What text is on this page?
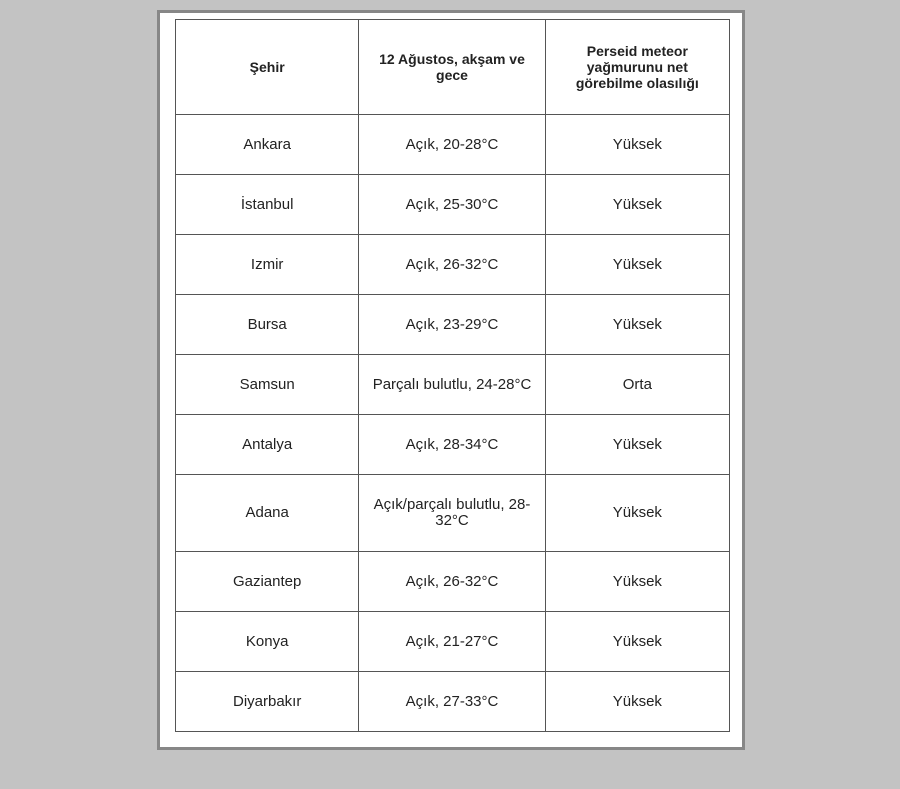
Şehir	12 Ağustos, akşam ve gece	Perseid meteor yağmurunu net görebilme olasılığı
Ankara	Açık, 20-28°C	Yüksek
İstanbul	Açık, 25-30°C	Yüksek
Izmir	Açık, 26-32°C	Yüksek
Bursa	Açık, 23-29°C	Yüksek
Samsun	Parçalı bulutlu, 24-28°C	Orta
Antalya	Açık, 28-34°C	Yüksek
Adana	Açık/parçalı bulutlu, 28-32°C	Yüksek
Gaziantep	Açık, 26-32°C	Yüksek
Konya	Açık, 21-27°C	Yüksek
Diyarbakır	Açık, 27-33°C	Yüksek
